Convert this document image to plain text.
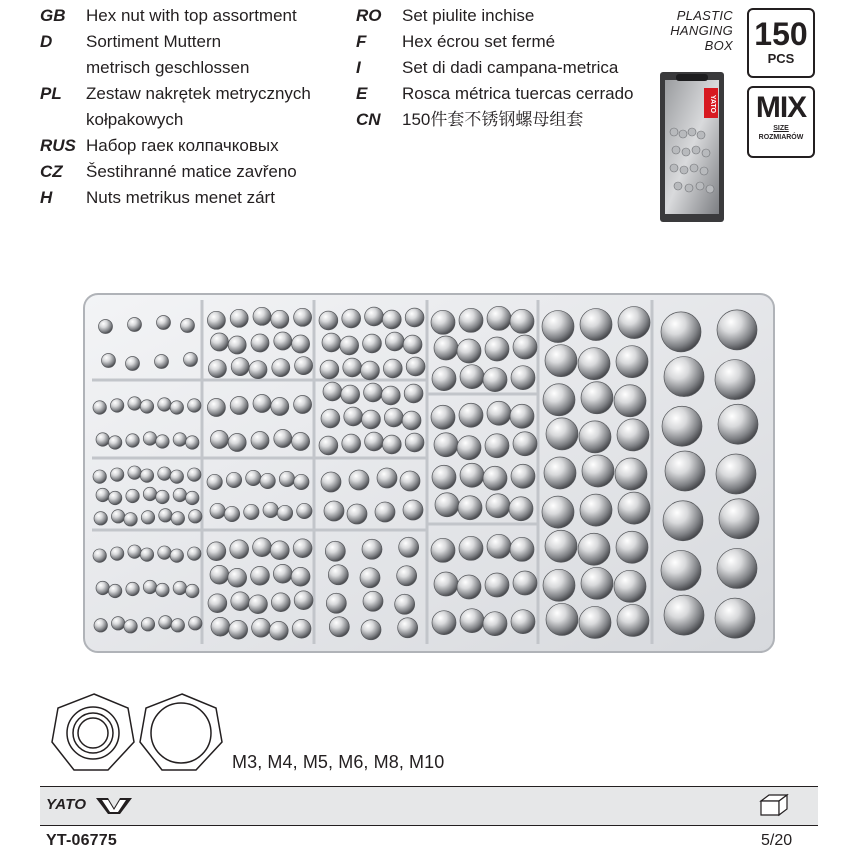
GB Hex nut with top assortment
D Sortiment Muttern
metrisch geschlossen
PL Zestaw nakrętek metrycznych
kołpakowych
RUS Набор гаек колпачковых
CZ Šestihranné matice zavřeno
H Nuts metrikus menet zárt
RO Set piulite inchise
F Hex écrou set fermé
I Set di dadi campana-metrica
E Rosca métrica tuercas cerrado
CN 150件套不锈钢螺母组套
PLASTIC
HANGING
BOX 150
PCS
MIX
SIZE
ROZMIARÓW
YATO
M3, M4, M5, M6, M8, M10
YATO
YT-06775	5/20
